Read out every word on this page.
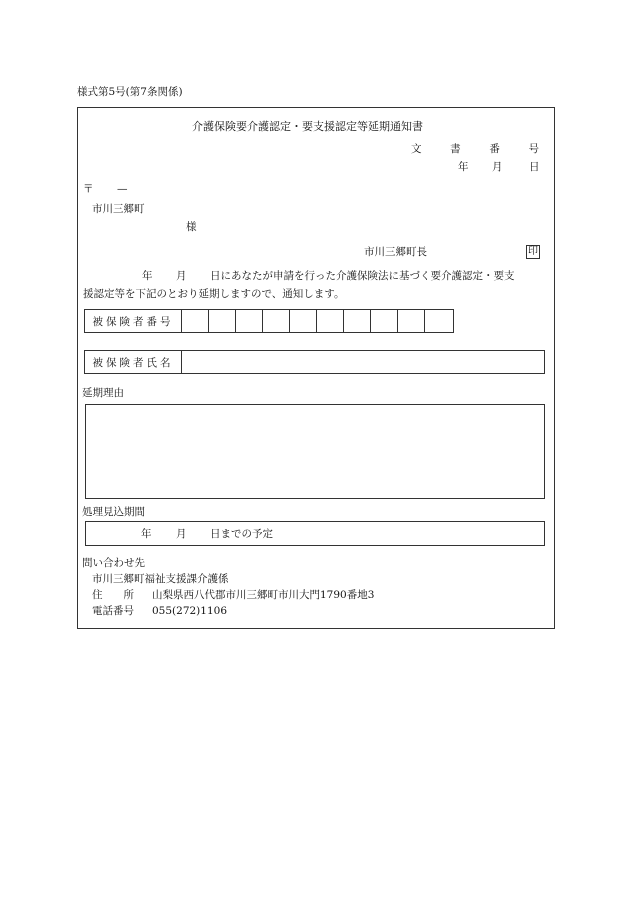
様式第5号(第7条関係)
介護保険要介護認定・要支援認定等延期通知書
文	書	番	号
年 月	日
〒 —
市川三郷町
様
市川三郷町長	印
年 月 日にあなたが申請を行った介護保険法に基づく要介護認定・要支
援認定等を下記のとおり延期しますので、通知します。
被保険者番号
被保険者氏名
延期理由
処理見込期間
年 月 日までの予定
問い合わせ先
市川三郷町福祉支援課介護係
住　　所 山梨県西八代郡市川三郷町市川大門1790番地3
電話番号 055(272)1106
